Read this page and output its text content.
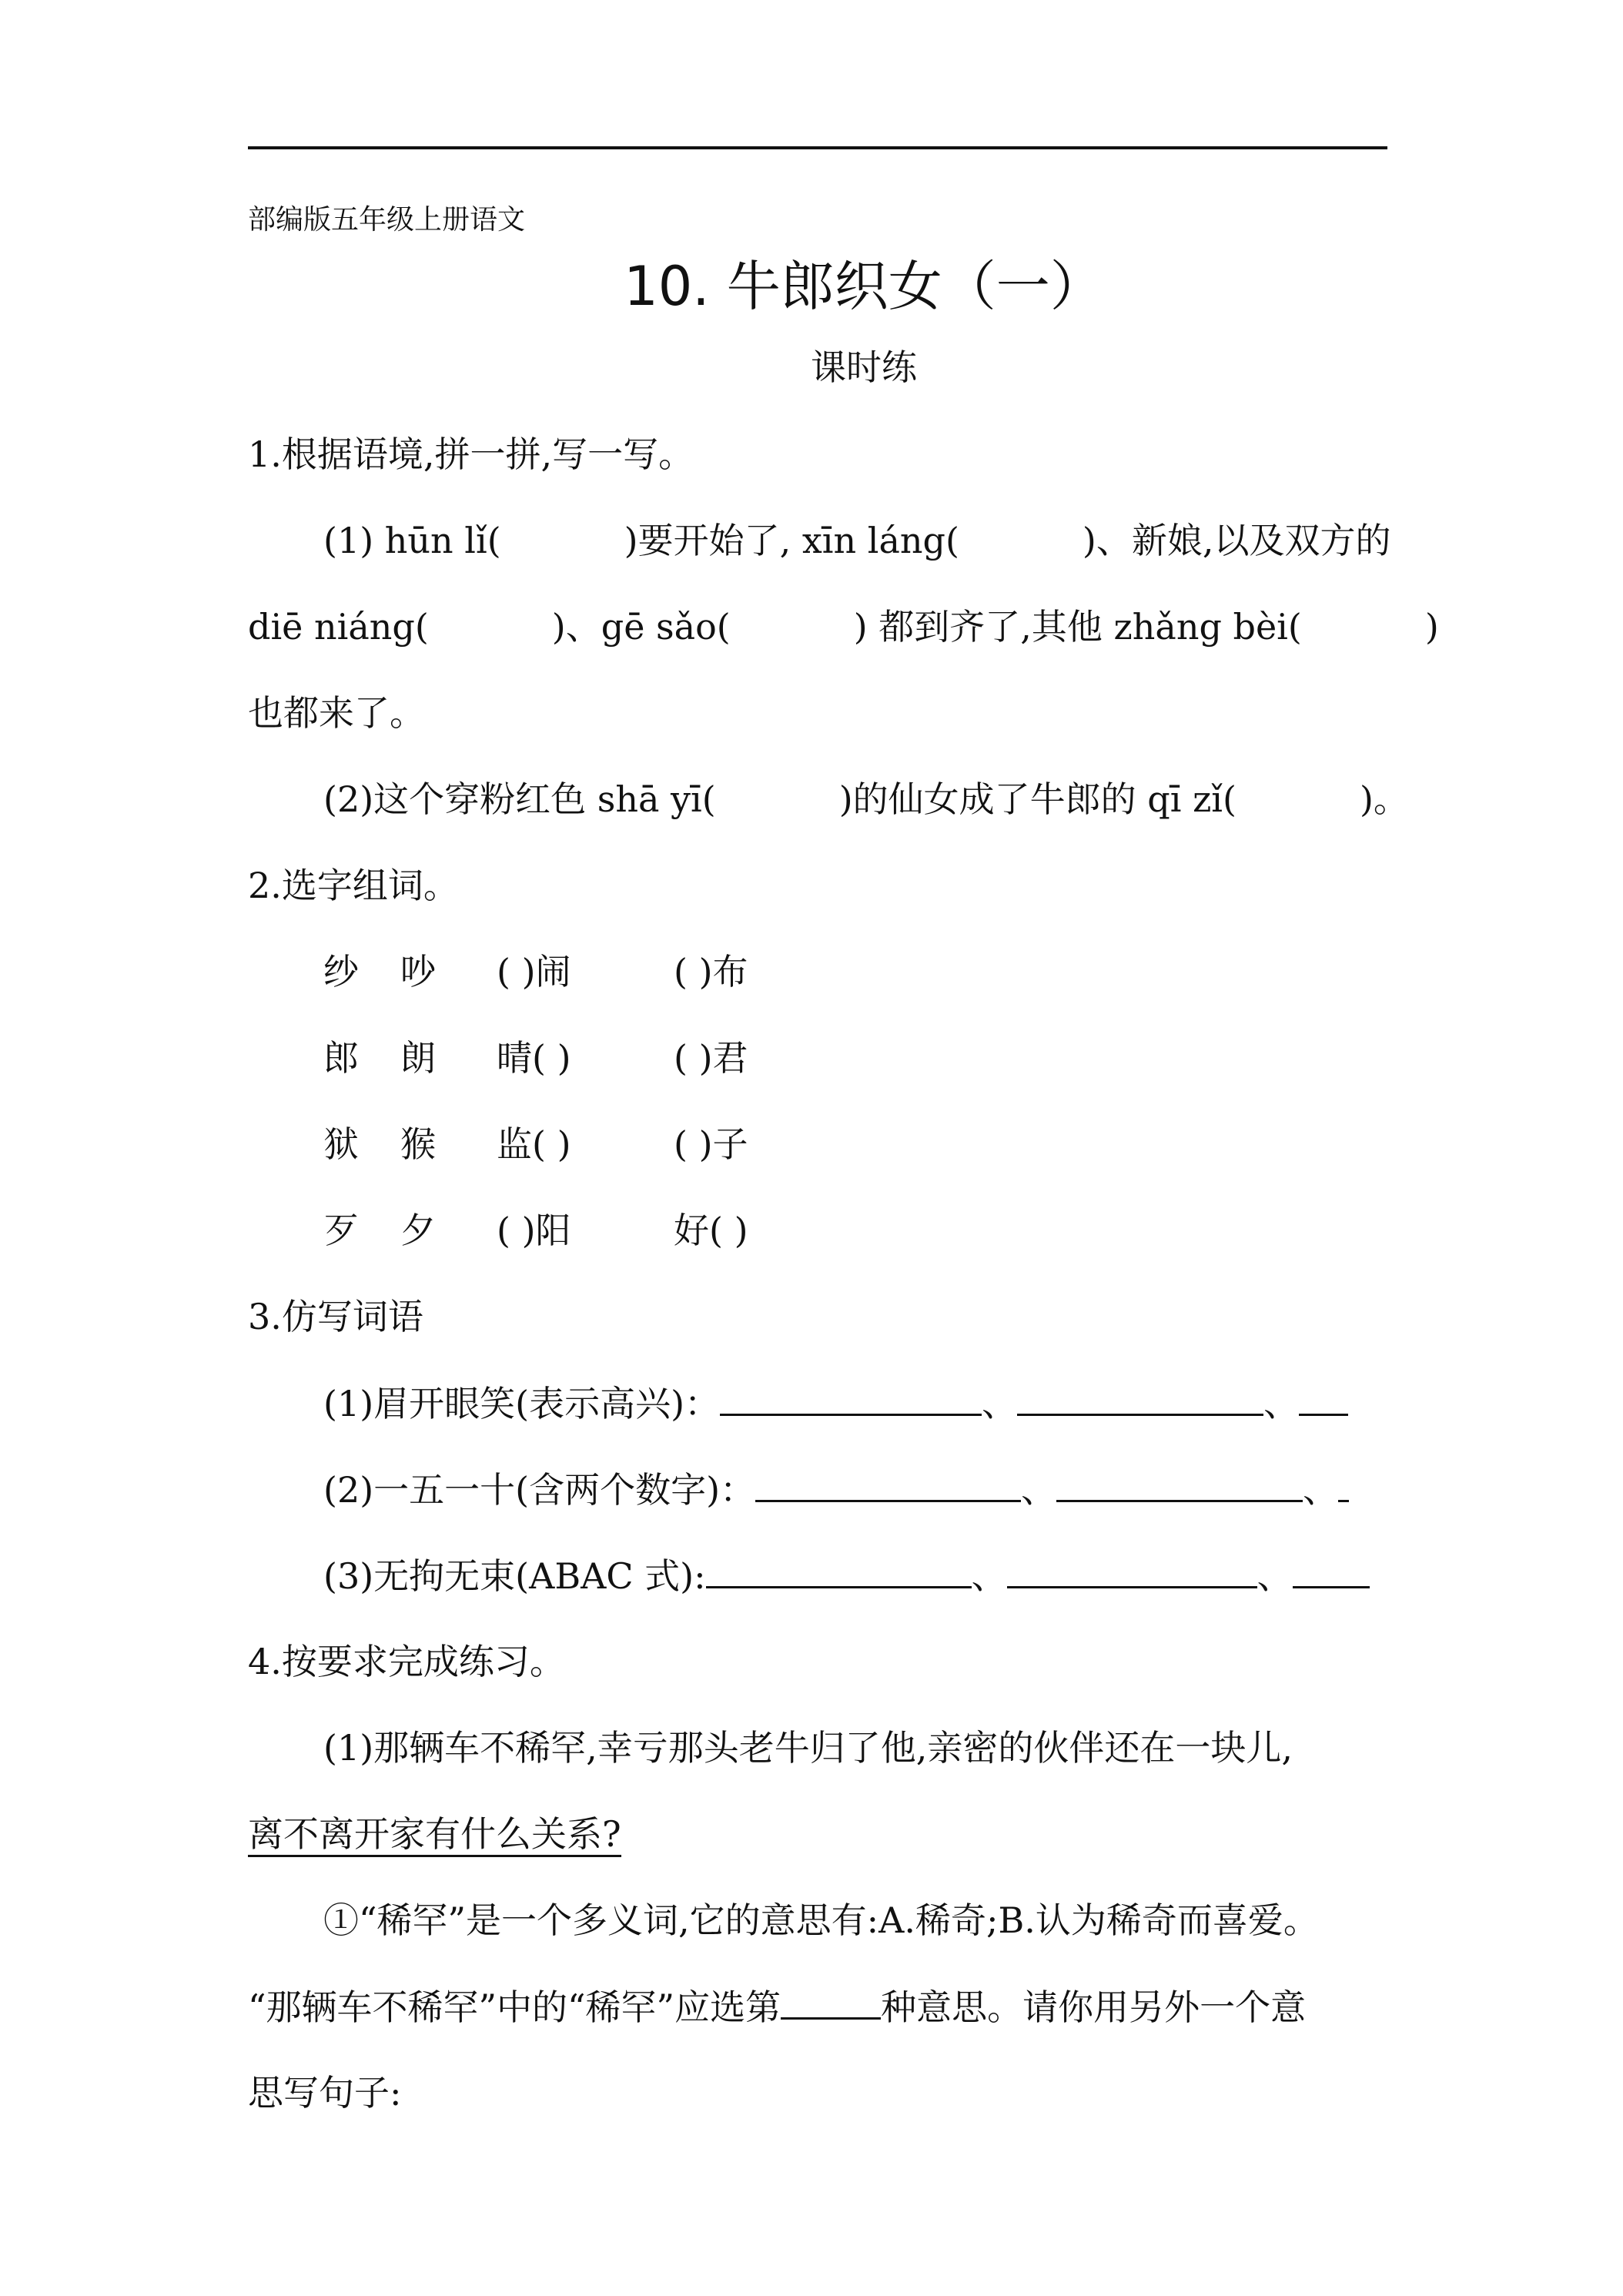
部编版五年级上册语文
10. 牛郎织女（一）
课时练
1.根据语境,拼一拼,写一写。
(1) hūn lǐ(	)要开始了, xīn láng(	)、新娘,以及双方的
diē niáng(	)、gē sǎo(	) 都到齐了,其他 zhǎng bèi(	)
也都来了。
(2)这个穿粉红色 shā yī(	)的仙女成了牛郎的 qī zǐ(	)。
2.选字组词。
纱 吵 ( )闹	( )布
郎 朗 晴( )	( )君
狱 猴 监( )	( )子
歹 夕 ( )阳	好( )
3.仿写词语
(1)眉开眼笑(表示高兴)：	、	、
(2)一五一十(含两个数字)：	、	、
(3)无拘无束(ABAC 式):	、	、
4.按要求完成练习。
(1)那辆车不稀罕,幸亏那头老牛归了他,亲密的伙伴还在一块儿,
离不离开家有什么关系?
①“稀罕”是一个多义词,它的意思有:A.稀奇;B.认为稀奇而喜爱。
“那辆车不稀罕”中的“稀罕”应选第	种意思。请你用另外一个意
思写句子:
